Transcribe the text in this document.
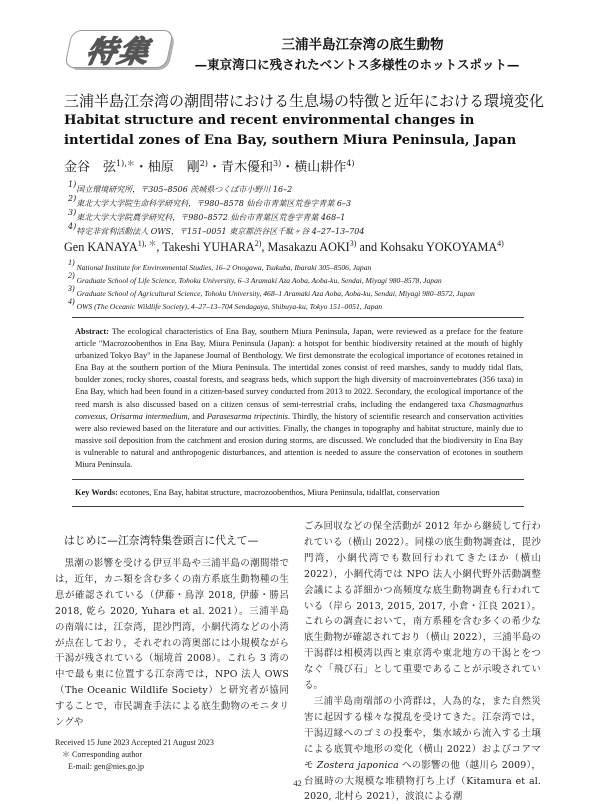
特集	三浦半島江奈湾の底生動物
—東京湾口に残されたベントス多様性のホットスポット—
三浦半島江奈湾の潮間帯における生息場の特徴と近年における環境変化
Habitat structure and recent environmental changes in intertidal zones of Ena Bay, southern Miura Peninsula, Japan
金谷　弦$^{1),*}$・柚原　剛$^{2)}$・青木優和$^{3)}$・横山耕作$^{4)}$
1)国立環境研究所，〒305–8506 茨城県つくば市小野川 16–2
2)東北大学大学院生命科学研究科，〒980–8578 仙台市青葉区荒巻字青葉 6–3
3)東北大学大学院農学研究科，〒980–8572 仙台市青葉区荒巻字青葉 468–1
4)特定非営利活動法人 OWS，〒151–0051 東京都渋谷区千駄ヶ谷 4–27–13–704
Gen $KANAYA^{1), *}$, Takeshi YUHARA$^{2)}$, Masakazu AOKI$^{3)}$ and Kohsaku YOKOYAMA$^{4)}$
1) National Institute for Environmental Studies, 16–2 Onogawa, Tsukuba, Ibaraki 305–8506, Japan
2) Graduate School of Life Science, Tohoku University, 6–3 Aramaki Aza Aoba, Aoba-ku, Sendai, Miyagi 980–8578, Japan
3) Graduate School of Agricultural Science, Tohoku University, 468–1 Aramaki Aza Aoba, Aoba-ku, Sendai, Miyagi 980–8572, Japan
4) OWS (The Oceanic Wildlife Society), 4–27–13–704 Sendagaya, Shibuya-ku, Tokyo 151–0051, Japan
Abstract: The ecological characteristics of Ena Bay, southern Miura Peninsula, Japan, were reviewed as a preface for the feature article "Macrozoobenthos in Ena Bay, Miura Peninsula (Japan): a hotspot for benthic biodiversity retained at the mouth of highly urbanized Tokyo Bay" in the Japanese Journal of Benthology. We first demonstrate the ecological importance of ecotones retained in Ena Bay at the southern portion of the Miura Peninsula. The intertidal zones consist of reed marshes, sandy to muddy tidal flats, boulder zones, rocky shores, coastal forests, and seagrass beds, which support the high diversity of macroinvertebrates (356 taxa) in Ena Bay, which had been found in a citizen-based survey conducted from 2013 to 2022. Secondary, the ecological importance of the reed marsh is also discussed based on a citizen census of semi-terrestrial crabs, including the endangered taxa Chasmagnathus convexus, Orisarma intermedium, and Parasesarma tripectinis. Thirdly, the history of scientific research and conservation activities were also reviewed based on the literature and our activities. Finally, the changes in topography and habitat structure, mainly due to massive soil deposition from the catchment and erosion during storms, are discussed. We concluded that the biodiversity in Ena Bay is vulnerable to natural and anthropogenic disturbances, and attention is needed to assure the conservation of ecotones in southern Miura Peninsula.
Key Words: ecotones, Ena Bay, habitat structure, macrozoobenthos, Miura Peninsula, tidalflat, conservation
はじめに—江奈湾特集巻頭言に代えて—
黒潮の影響を受ける伊豆半島や三浦半島の潮間帯では，近年，カニ類を含む多くの南方系底生動物種の生息が確認されている（伊藤・鳥淳 2018, 伊藤・勝呂 2018, 乾ら 2020, Yuhara et al. 2021）。三浦半島の南端には，江奈湾，毘沙門湾，小網代湾などの小湾が点在しており，それぞれの湾奥部には小規模ながら干潟が残されている（堀境首 2008）。これら 3 湾の中で最も東に位置する江奈湾では，NPO 法人 OWS（The Oceanic Wildlife Society）と研究者が協同することで，市民調査手法による底生動物のモニタリングや
Received 15 June 2023 Accepted 21 August 2023
＊ Corresponding author
E-mail: gen@nies.go.jp
ごみ回収などの保全活動が 2012 年から継続して行われている（横山 2022）。同様の底生動物調査は，毘沙門湾，小網代湾でも数回行われてきたほか（横山 2022），小網代湾では NPO 法人小網代野外活動調整会議による詳細かつ高頻度な底生動物調査も行われている（岸ら 2013, 2015, 2017, 小倉・江良 2021）。これらの調査において，南方系種を含む多くの希少な底生動物が確認されており（横山 2022），三浦半島の干潟群は相模湾以西と東京湾や東北地方の干潟とをつなぐ「飛び石」として重要であることが示唆されている。
三浦半島南端部の小湾群は，人為的な，また自然災害に起因する様々な撹乱を受けてきた。江奈湾では，干潟辺縁へのゴミの投棄や，集水域から流入する土壌による底質や地形の変化（横山 2022）およびコアマモ Zostera japonica への影響の他（越川ら 2009），台風時の大規模な堆積物打ち上げ（Kitamura et al. 2020, 北村ら 2021），波浪による潮
42
